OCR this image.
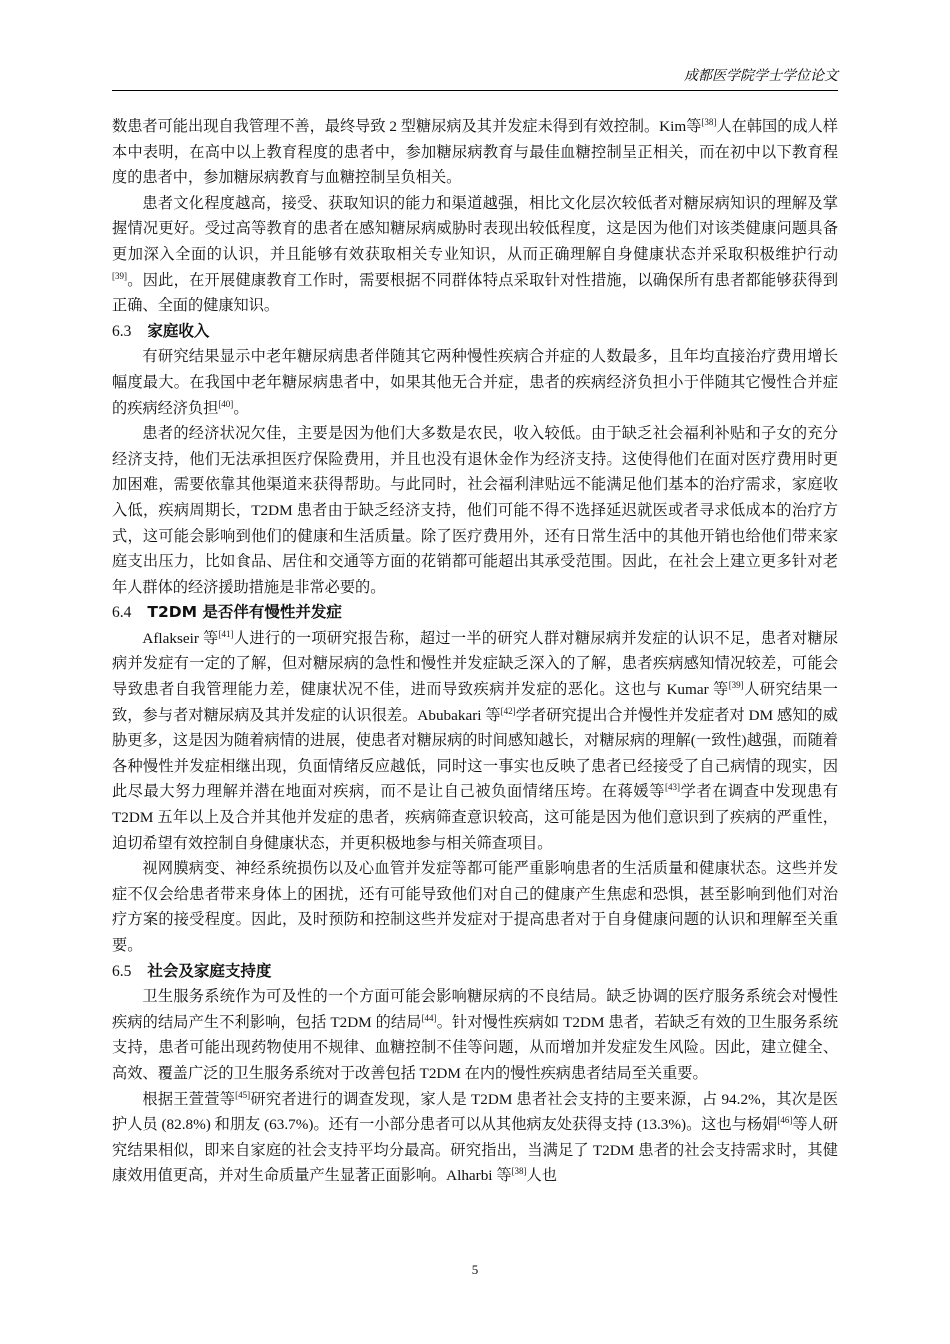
成都医学院学士学位论文

数患者可能出现自我管理不善，最终导致 2 型糖尿病及其并发症未得到有效控制。Kim等[38]人在韩国的成人样本中表明，在高中以上教育程度的患者中，参加糖尿病教育与最佳血糖控制呈正相关，而在初中以下教育程度的患者中，参加糖尿病教育与血糖控制呈负相关。

患者文化程度越高，接受、获取知识的能力和渠道越强，相比文化层次较低者对糖尿病知识的理解及掌握情况更好。受过高等教育的患者在感知糖尿病威胁时表现出较低程度，这是因为他们对该类健康问题具备更加深入全面的认识，并且能够有效获取相关专业知识，从而正确理解自身健康状态并采取积极维护行动[39]。因此，在开展健康教育工作时，需要根据不同群体特点采取针对性措施，以确保所有患者都能够获得到正确、全面的健康知识。

6.3 家庭收入

有研究结果显示中老年糖尿病患者伴随其它两种慢性疾病合并症的人数最多，且年均直接治疗费用增长幅度最大。在我国中老年糖尿病患者中，如果其他无合并症，患者的疾病经济负担小于伴随其它慢性合并症的疾病经济负担[40]。

患者的经济状况欠佳，主要是因为他们大多数是农民，收入较低。由于缺乏社会福利补贴和子女的充分经济支持，他们无法承担医疗保险费用，并且也没有退休金作为经济支持。这使得他们在面对医疗费用时更加困难，需要依靠其他渠道来获得帮助。与此同时，社会福利津贴远不能满足他们基本的治疗需求，家庭收入低，疾病周期长，T2DM 患者由于缺乏经济支持，他们可能不得不选择延迟就医或者寻求低成本的治疗方式，这可能会影响到他们的健康和生活质量。除了医疗费用外，还有日常生活中的其他开销也给他们带来家庭支出压力，比如食品、居住和交通等方面的花销都可能超出其承受范围。因此，在社会上建立更多针对老年人群体的经济援助措施是非常必要的。

6.4 T2DM 是否伴有慢性并发症

Aflakseir 等[41]人进行的一项研究报告称，超过一半的研究人群对糖尿病并发症的认识不足，患者对糖尿病并发症有一定的了解，但对糖尿病的急性和慢性并发症缺乏深入的了解，患者疾病感知情况较差，可能会导致患者自我管理能力差，健康状况不佳，进而导致疾病并发症的恶化。这也与 Kumar 等[39]人研究结果一致，参与者对糖尿病及其并发症的认识很差。Abubakari 等[42]学者研究提出合并慢性并发症者对 DM 感知的威胁更多，这是因为随着病情的进展，使患者对糖尿病的时间感知越长，对糖尿病的理解(一致性)越强，而随着各种慢性并发症相继出现，负面情绪反应越低，同时这一事实也反映了患者已经接受了自己病情的现实，因此尽最大努力理解并潜在地面对疾病，而不是让自己被负面情绪压垮。在蒋媛等[43]学者在调查中发现患有 T2DM 五年以上及合并其他并发症的患者，疾病筛查意识较高，这可能是因为他们意识到了疾病的严重性，迫切希望有效控制自身健康状态，并更积极地参与相关筛查项目。

视网膜病变、神经系统损伤以及心血管并发症等都可能严重影响患者的生活质量和健康状态。这些并发症不仅会给患者带来身体上的困扰，还有可能导致他们对自己的健康产生焦虑和恐惧，甚至影响到他们对治疗方案的接受程度。因此，及时预防和控制这些并发症对于提高患者对于自身健康问题的认识和理解至关重要。

6.5 社会及家庭支持度

卫生服务系统作为可及性的一个方面可能会影响糖尿病的不良结局。缺乏协调的医疗服务系统会对慢性疾病的结局产生不利影响，包括 T2DM 的结局[44]。针对慢性疾病如 T2DM 患者，若缺乏有效的卫生服务系统支持，患者可能出现药物使用不规律、血糖控制不佳等问题，从而增加并发症发生风险。因此，建立健全、高效、覆盖广泛的卫生服务系统对于改善包括 T2DM 在内的慢性疾病患者结局至关重要。

根据王萱萱等[45]研究者进行的调查发现，家人是 T2DM 患者社会支持的主要来源，占 94.2%，其次是医护人员 (82.8%) 和朋友 (63.7%)。还有一小部分患者可以从其他病友处获得支持 (13.3%)。这也与杨娟[46]等人研究结果相似，即来自家庭的社会支持平均分最高。研究指出，当满足了 T2DM 患者的社会支持需求时，其健康效用值更高，并对生命质量产生显著正面影响。Alharbi 等[38]人也

5
